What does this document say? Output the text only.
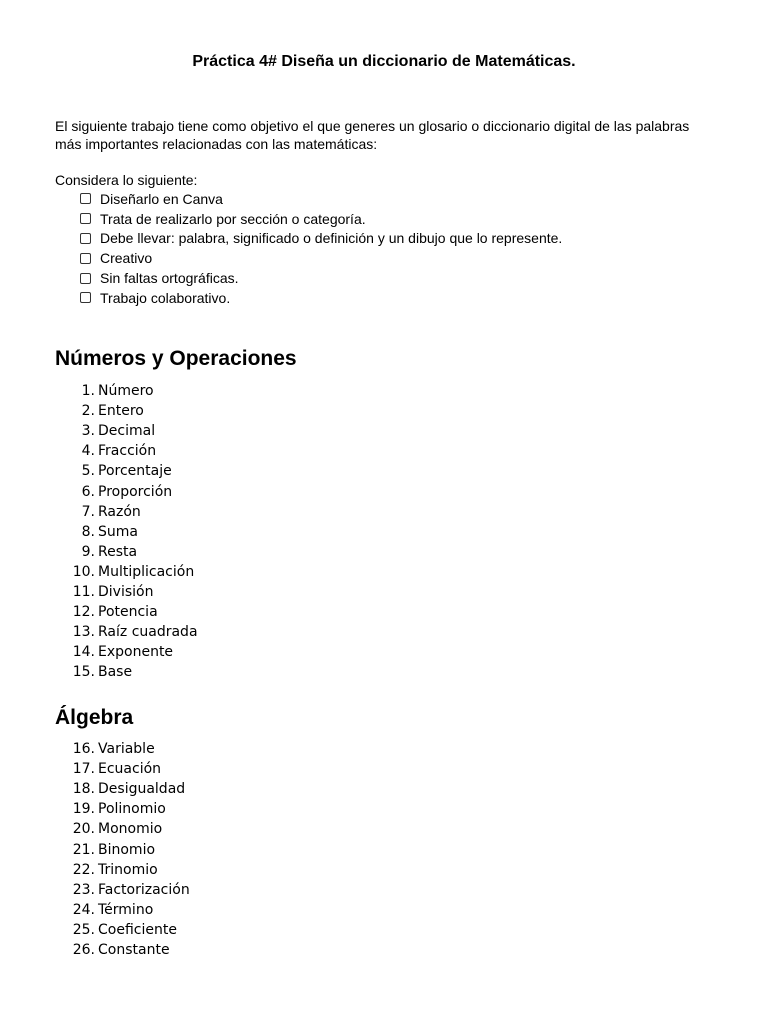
Práctica 4# Diseña un diccionario de Matemáticas.

El siguiente trabajo tiene como objetivo el que generes un glosario o diccionario digital de las palabras más importantes relacionadas con las matemáticas:

Considera lo siguiente:

Diseñarlo en Canva
Trata de realizarlo por sección o categoría.
Debe llevar: palabra, significado o definición y un dibujo que lo represente.
Creativo
Sin faltas ortográficas.
Trabajo colaborativo.
Números y Operaciones
1. Número
2. Entero
3. Decimal
4. Fracción
5. Porcentaje
6. Proporción
7. Razón
8. Suma
9. Resta
10. Multiplicación
11. División
12. Potencia
13. Raíz cuadrada
14. Exponente
15. Base
Álgebra
16. Variable
17. Ecuación
18. Desigualdad
19. Polinomio
20. Monomio
21. Binomio
22. Trinomio
23. Factorización
24. Término
25. Coeficiente
26. Constante
